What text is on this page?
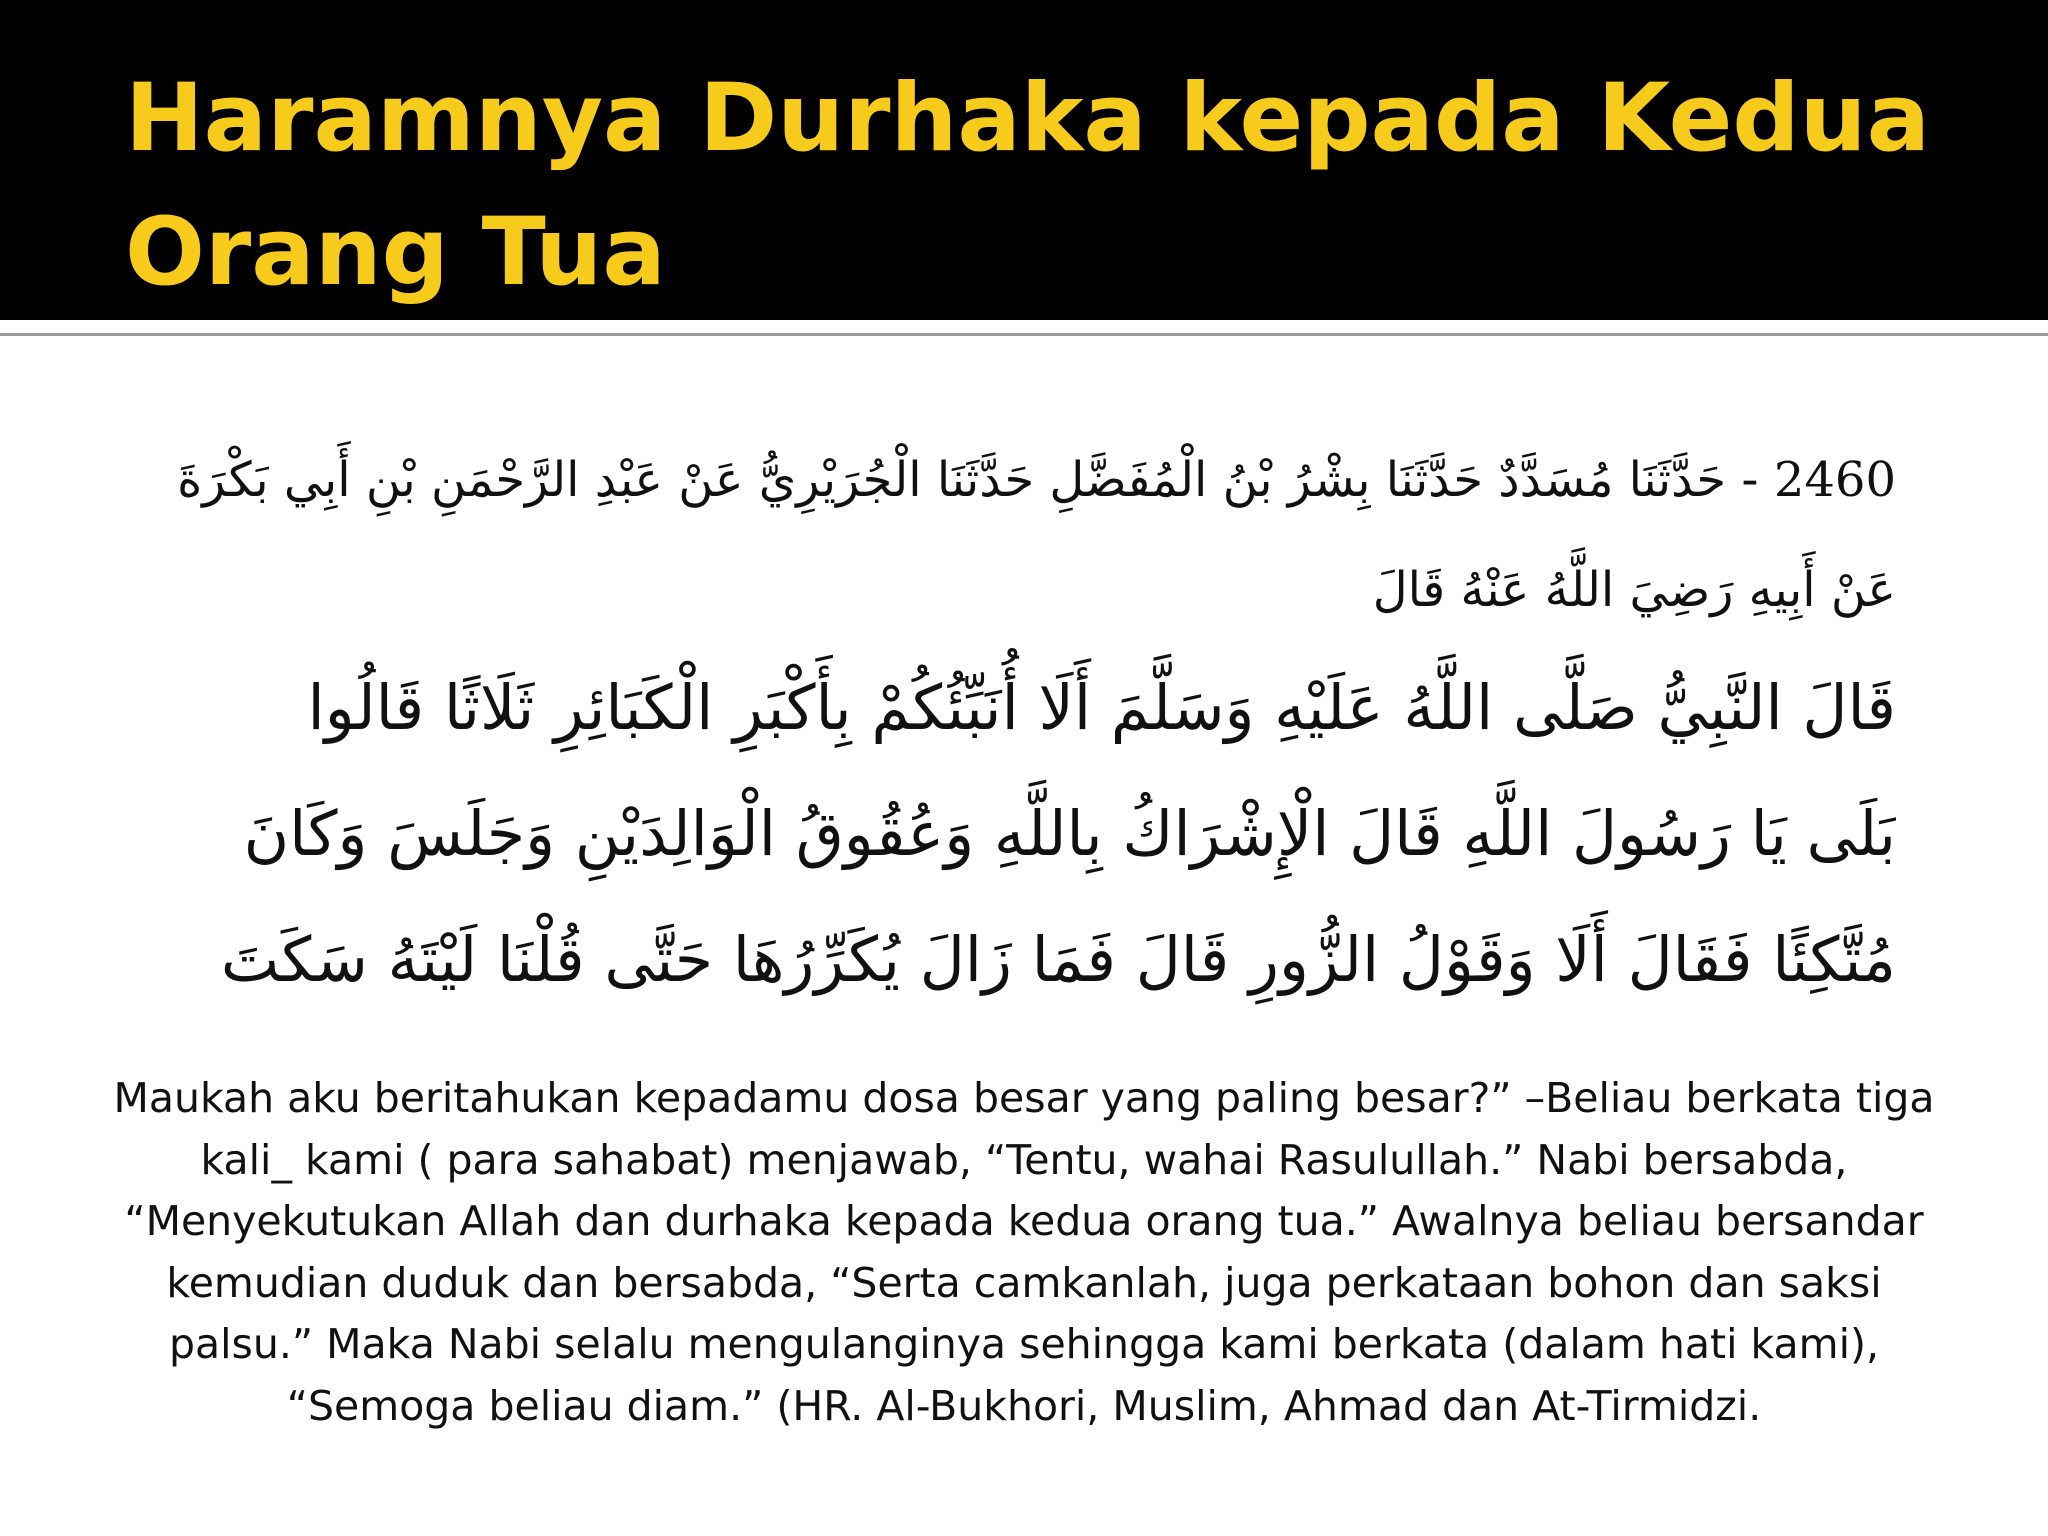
Haramnya Durhaka kepada Kedua Orang Tua
2460 - حَدَّثَنَا مُسَدَّدٌ حَدَّثَنَا بِشْرُ بْنُ الْمُفَضَّلِ حَدَّثَنَا الْجُرَيْرِيُّ عَنْ عَبْدِ الرَّحْمَنِ بْنِ أَبِي بَكْرَةَ
عَنْ أَبِيهِ رَضِيَ اللَّهُ عَنْهُ قَالَ
قَالَ النَّبِيُّ صَلَّى اللَّهُ عَلَيْهِ وَسَلَّمَ أَلَا أُنَبِّئُكُمْ بِأَكْبَرِ الْكَبَائِرِ ثَلَاثًا قَالُوا
بَلَى يَا رَسُولَ اللَّهِ قَالَ الْإِشْرَاكُ بِاللَّهِ وَعُقُوقُ الْوَالِدَيْنِ وَجَلَسَ وَكَانَ
مُتَّكِئًا فَقَالَ أَلَا وَقَوْلُ الزُّورِ قَالَ فَمَا زَالَ يُكَرِّرُهَا حَتَّى قُلْنَا لَيْتَهُ سَكَتَ

Maukah aku beritahukan kepadamu dosa besar yang paling besar?” –Beliau berkata tiga kali_ kami ( para sahabat) menjawab, “Tentu, wahai Rasulullah.” Nabi bersabda, “Menyekutukan Allah dan durhaka kepada kedua orang tua.” Awalnya beliau bersandar kemudian duduk dan bersabda, “Serta camkanlah, juga perkataan bohon dan saksi palsu.” Maka Nabi selalu mengulanginya sehingga kami berkata (dalam hati kami), “Semoga beliau diam.” (HR. Al-Bukhori, Muslim, Ahmad dan At-Tirmidzi.
